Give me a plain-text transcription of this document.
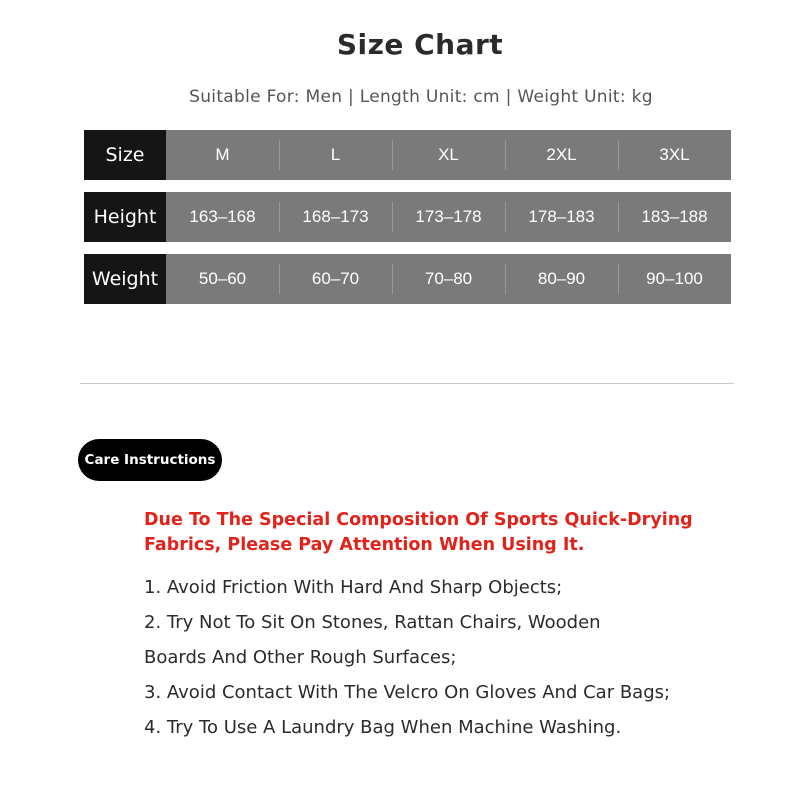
Size Chart
Suitable For: Men | Length Unit: cm | Weight Unit: kg
Size	M	L	XL	2XL	3XL
Height	163–168	168–173	173–178	178–183	183–188
Weight	50–60	60–70	70–80	80–90	90–100
Care Instructions
Due To The Special Composition Of Sports Quick-Drying
Fabrics, Please Pay Attention When Using It.
1. Avoid Friction With Hard And Sharp Objects;
2. Try Not To Sit On Stones, Rattan Chairs, Wooden
Boards And Other Rough Surfaces;
3. Avoid Contact With The Velcro On Gloves And Car Bags;
4. Try To Use A Laundry Bag When Machine Washing.
